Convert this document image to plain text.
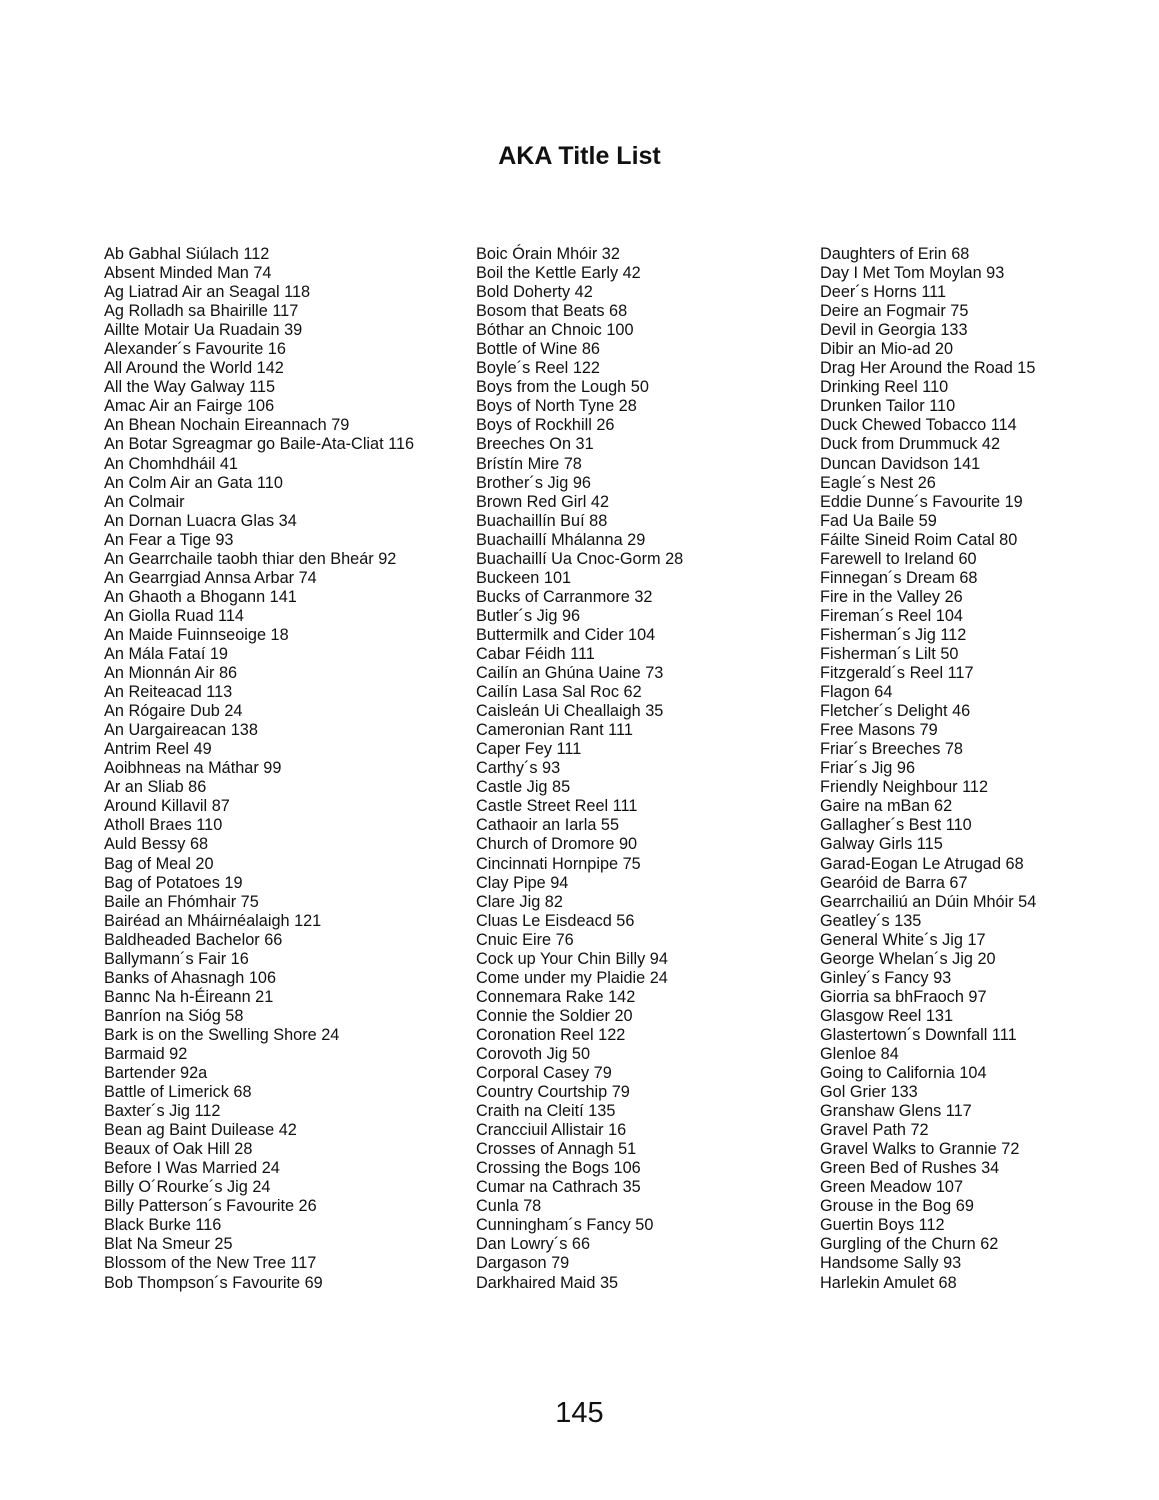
AKA Title List
Ab Gabhal Siúlach 112
Absent Minded Man 74
Ag Liatrad Air an Seagal 118
Ag Rolladh sa Bhairille 117
Aillte Motair Ua Ruadain 39
Alexander´s Favourite 16
All Around the World 142
All the Way Galway 115
Amac Air an Fairge 106
An Bhean Nochain Eireannach 79
An Botar Sgreagmar go Baile-Ata-Cliat 116
An Chomhdháil 41
An Colm Air an Gata 110
An Colmair
An Dornan Luacra Glas 34
An Fear a Tige 93
An Gearrchaile taobh thiar den Bheár 92
An Gearrgiad Annsa Arbar 74
An Ghaoth a Bhogann 141
An Giolla Ruad 114
An Maide Fuinnseoige 18
An Mála Fataí 19
An Mionnán Air 86
An Reiteacad 113
An Rógaire Dub 24
An Uargaireacan 138
Antrim Reel 49
Aoibhneas na Máthar 99
Ar an Sliab 86
Around Killavil 87
Atholl Braes 110
Auld Bessy 68
Bag of Meal 20
Bag of Potatoes 19
Baile an Fhómhair 75
Bairéad an Mháirnéalaigh 121
Baldheaded Bachelor 66
Ballymann´s Fair 16
Banks of Ahasnagh 106
Bannc Na h-Éireann 21
Banríon na Sióg 58
Bark is on the Swelling Shore 24
Barmaid 92
Bartender 92a
Battle of Limerick 68
Baxter´s Jig 112
Bean ag Baint Duilease 42
Beaux of Oak Hill 28
Before I Was Married 24
Billy O´Rourke´s Jig 24
Billy Patterson´s Favourite 26
Black Burke 116
Blat Na Smeur 25
Blossom of the New Tree 117
Bob Thompson´s Favourite 69
Boic Órain Mhóir 32
Boil the Kettle Early 42
Bold Doherty 42
Bosom that Beats 68
Bóthar an Chnoic 100
Bottle of Wine 86
Boyle´s Reel 122
Boys from the Lough 50
Boys of North Tyne 28
Boys of Rockhill 26
Breeches On 31
Brístín Mire 78
Brother´s Jig 96
Brown Red Girl 42
Buachaillín Buí 88
Buachaillí Mhálanna 29
Buachaillí Ua Cnoc-Gorm 28
Buckeen 101
Bucks of Carranmore 32
Butler´s Jig 96
Buttermilk and Cider 104
Cabar Féidh 111
Cailín an Ghúna Uaine 73
Cailín Lasa Sal Roc 62
Caisleán Ui Cheallaigh 35
Cameronian Rant 111
Caper Fey 111
Carthy´s 93
Castle Jig 85
Castle Street Reel 111
Cathaoir an Iarla 55
Church of Dromore 90
Cincinnati Hornpipe 75
Clay Pipe 94
Clare Jig 82
Cluas Le Eisdeacd 56
Cnuic Eire 76
Cock up Your Chin Billy 94
Come under my Plaidie 24
Connemara Rake 142
Connie the Soldier 20
Coronation Reel 122
Corovoth Jig 50
Corporal Casey 79
Country Courtship 79
Craith na Cleití 135
Crancciuil Allistair 16
Crosses of Annagh 51
Crossing the Bogs 106
Cumar na Cathrach 35
Cunla 78
Cunningham´s Fancy 50
Dan Lowry´s 66
Dargason 79
Darkhaired Maid 35
Daughters of Erin 68
Day I Met Tom Moylan 93
Deer´s Horns 111
Deire an Fogmair 75
Devil in Georgia 133
Dibir an Mio-ad 20
Drag Her Around the Road 15
Drinking Reel 110
Drunken Tailor 110
Duck Chewed Tobacco 114
Duck from Drummuck 42
Duncan Davidson 141
Eagle´s Nest 26
Eddie Dunne´s Favourite 19
Fad Ua Baile 59
Fáilte Sineid Roim Catal 80
Farewell to Ireland 60
Finnegan´s Dream 68
Fire in the Valley 26
Fireman´s Reel 104
Fisherman´s Jig 112
Fisherman´s Lilt 50
Fitzgerald´s Reel 117
Flagon 64
Fletcher´s Delight 46
Free Masons 79
Friar´s Breeches 78
Friar´s Jig 96
Friendly Neighbour 112
Gaire na mBan 62
Gallagher´s Best 110
Galway Girls 115
Garad-Eogan Le Atrugad 68
Gearóid de Barra 67
Gearrchailiú an Dúin Mhóir 54
Geatley´s 135
General White´s Jig 17
George Whelan´s Jig 20
Ginley´s Fancy 93
Giorria sa bhFraoch 97
Glasgow Reel 131
Glastertown´s Downfall 111
Glenloe 84
Going to California 104
Gol Grier 133
Granshaw Glens 117
Gravel Path 72
Gravel Walks to Grannie 72
Green Bed of Rushes 34
Green Meadow 107
Grouse in the Bog 69
Guertin Boys 112
Gurgling of the Churn 62
Handsome Sally 93
Harlekin Amulet 68
145
